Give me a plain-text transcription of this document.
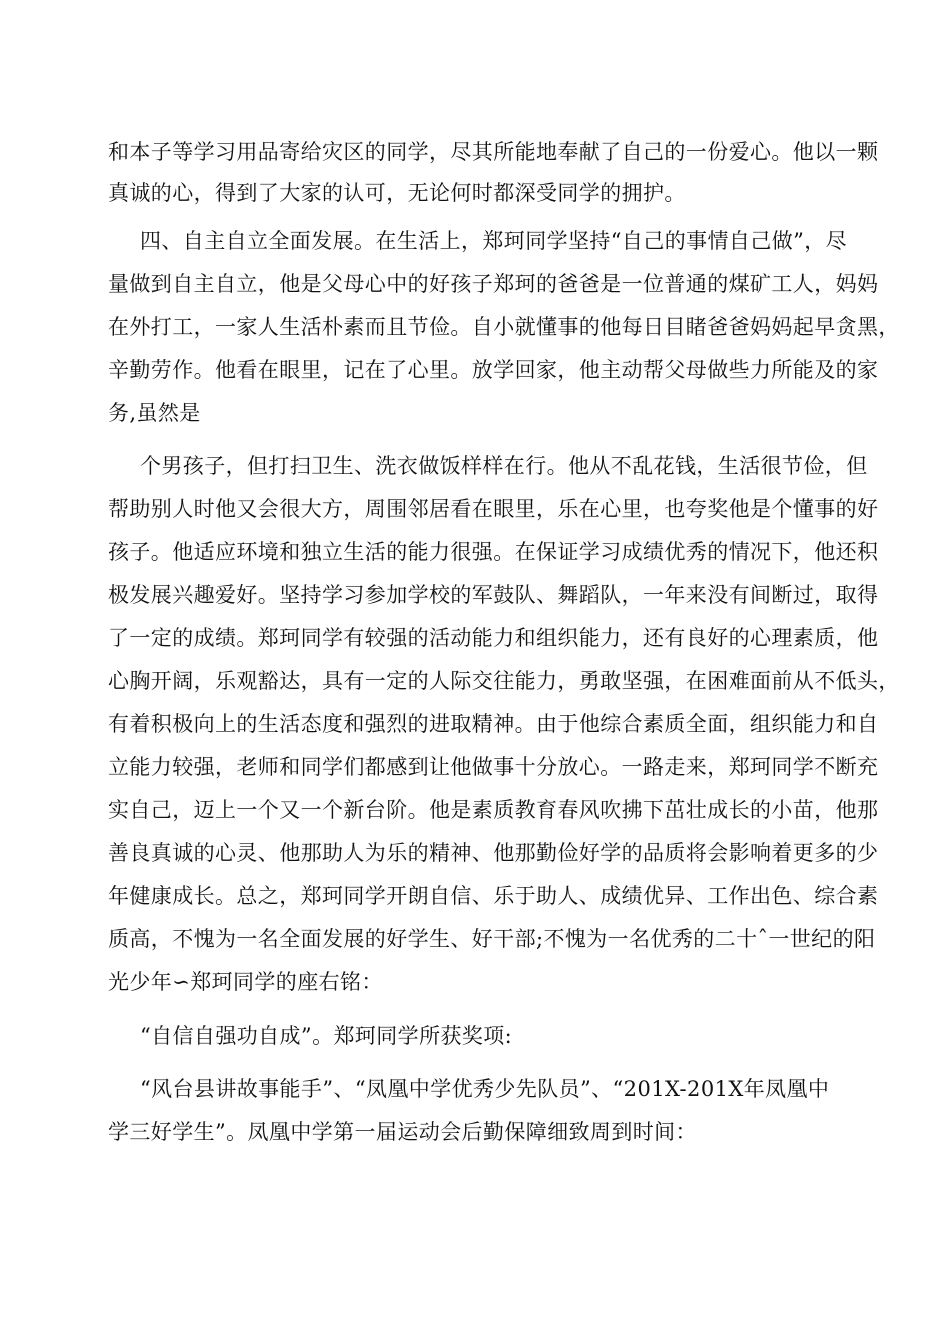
和本子等学习用品寄给灾区的同学，尽其所能地奉献了自己的一份爱心。他以一颗
真诚的心，得到了大家的认可，无论何时都深受同学的拥护。
四、自主自立全面发展。在生活上，郑珂同学坚持“自己的事情自己做”，尽
量做到自主自立，他是父母心中的好孩子郑珂的爸爸是一位普通的煤矿工人，妈妈
在外打工，一家人生活朴素而且节俭。自小就懂事的他每日目睹爸爸妈妈起早贪黑，
辛勤劳作。他看在眼里，记在了心里。放学回家，他主动帮父母做些力所能及的家
务,虽然是
个男孩子，但打扫卫生、洗衣做饭样样在行。他从不乱花钱，生活很节俭，但
帮助别人时他又会很大方，周围邻居看在眼里，乐在心里，也夸奖他是个懂事的好
孩子。他适应环境和独立生活的能力很强。在保证学习成绩优秀的情况下，他还积
极发展兴趣爱好。坚持学习参加学校的军鼓队、舞蹈队，一年来没有间断过，取得
了一定的成绩。郑珂同学有较强的活动能力和组织能力，还有良好的心理素质，他
心胸开阔，乐观豁达，具有一定的人际交往能力，勇敢坚强，在困难面前从不低头，
有着积极向上的生活态度和强烈的进取精神。由于他综合素质全面，组织能力和自
立能力较强，老师和同学们都感到让他做事十分放心。一路走来，郑珂同学不断充
实自己，迈上一个又一个新台阶。他是素质教育春风吹拂下茁壮成长的小苗，他那
善良真诚的心灵、他那助人为乐的精神、他那勤俭好学的品质将会影响着更多的少
年健康成长。总之，郑珂同学开朗自信、乐于助人、成绩优异、工作出色、综合素
质高，不愧为一名全面发展的好学生、好干部;不愧为一名优秀的二十ˆ一世纪的阳
光少年∽郑珂同学的座右铭：
“自信自强功自成”。郑珂同学所获奖项:
“风台县讲故事能手”、“凤凰中学优秀少先队员”、“201X-201X年凤凰中
学三好学生”。凤凰中学第一届运动会后勤保障细致周到时间：
